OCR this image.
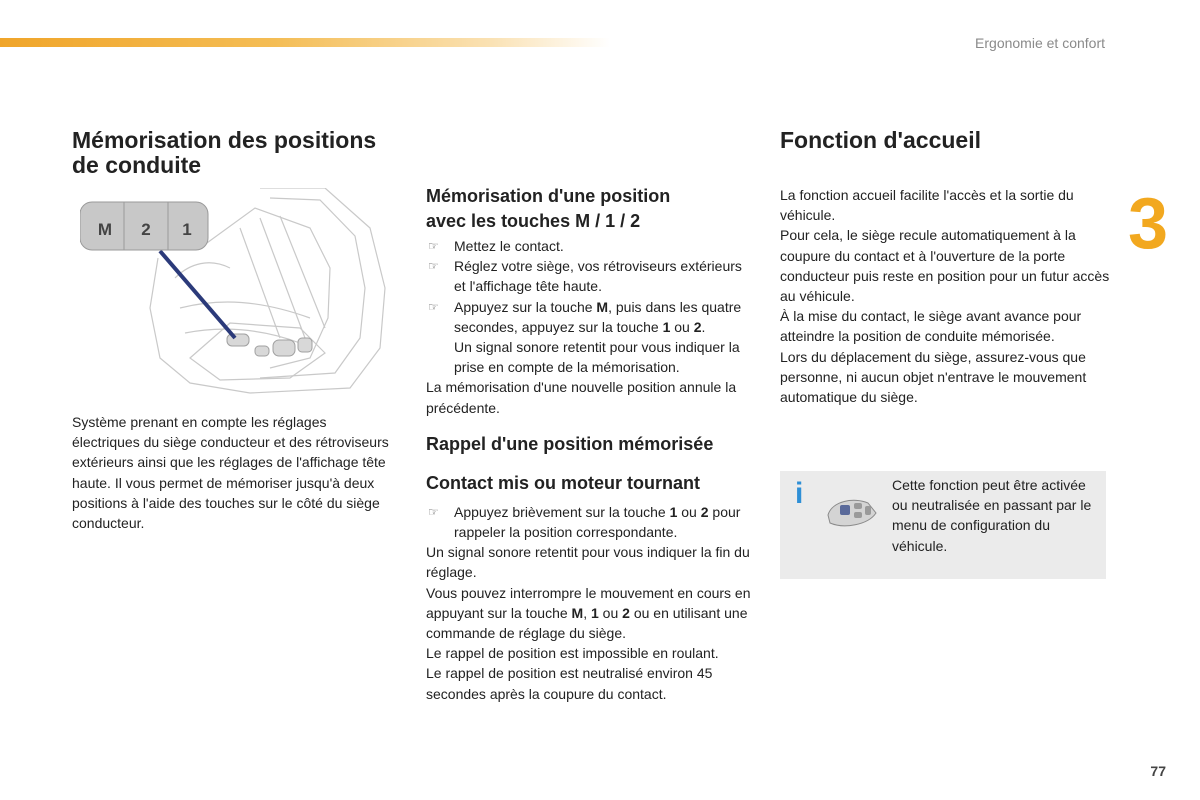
Ergonomie et confort
3
Mémorisation des positions
de conduite
M 2 1
Système prenant en compte les réglages électriques du siège conducteur et des rétroviseurs extérieurs ainsi que les réglages de l'affichage tête haute. Il vous permet de mémoriser jusqu'à deux positions à l'aide des touches sur le côté du siège conducteur.
Mémorisation d'une position
avec les touches M / 1 / 2
☞ Mettez le contact.
☞ Réglez votre siège, vos rétroviseurs extérieurs et l'affichage tête haute.
☞ Appuyez sur la touche M, puis dans les quatre secondes, appuyez sur la touche 1 ou 2.
Un signal sonore retentit pour vous indiquer la prise en compte de la mémorisation.

La mémorisation d'une nouvelle position annule la précédente.

Rappel d'une position mémorisée
Contact mis ou moteur tournant
☞ Appuyez brièvement sur la touche 1 ou 2 pour rappeler la position correspondante.

Un signal sonore retentit pour vous indiquer la fin du réglage.

Vous pouvez interrompre le mouvement en cours en appuyant sur la touche M, 1 ou 2 ou en utilisant une commande de réglage du siège.

Le rappel de position est impossible en roulant.

Le rappel de position est neutralisé environ 45 secondes après la coupure du contact.

Fonction d'accueil

La fonction accueil facilite l'accès et la sortie du véhicule.

Pour cela, le siège recule automatiquement à la coupure du contact et à l'ouverture de la porte conducteur puis reste en position pour un futur accès au véhicule.

À la mise du contact, le siège avant avance pour atteindre la position de conduite mémorisée.

Lors du déplacement du siège, assurez-vous que personne, ni aucun objet n'entrave le mouvement automatique du siège.

i	Cette fonction peut être activée ou neutralisée en passant par le menu de configuration du véhicule.
77
